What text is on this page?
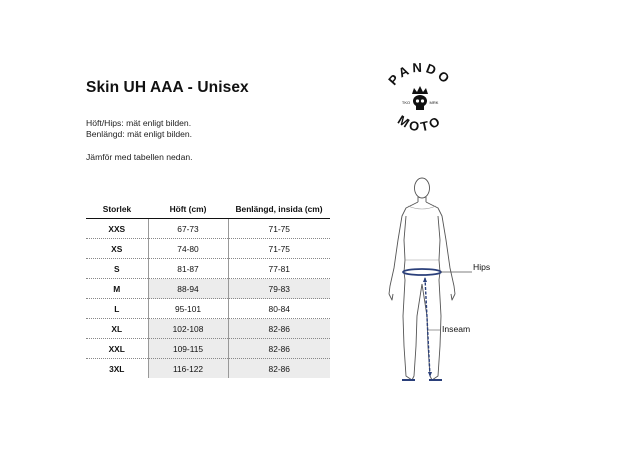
Skin UH AAA - Unisex
Höft/Hips: mät enligt bilden.
Benlängd: mät enligt bilden.
Jämför med tabellen nedan.
Storlek	Höft (cm)	Benlängd, insida (cm)
XXS	67-73	71-75
XS	74-80	71-75
S	81-87	77-81
M	88-94	79-83
L	95-101	80-84
XL	102-108	82-86
XXL	109-115	82-86
3XL	116-122	82-86
PANDO
MOTO
TKO	MRK
Hips
Inseam
